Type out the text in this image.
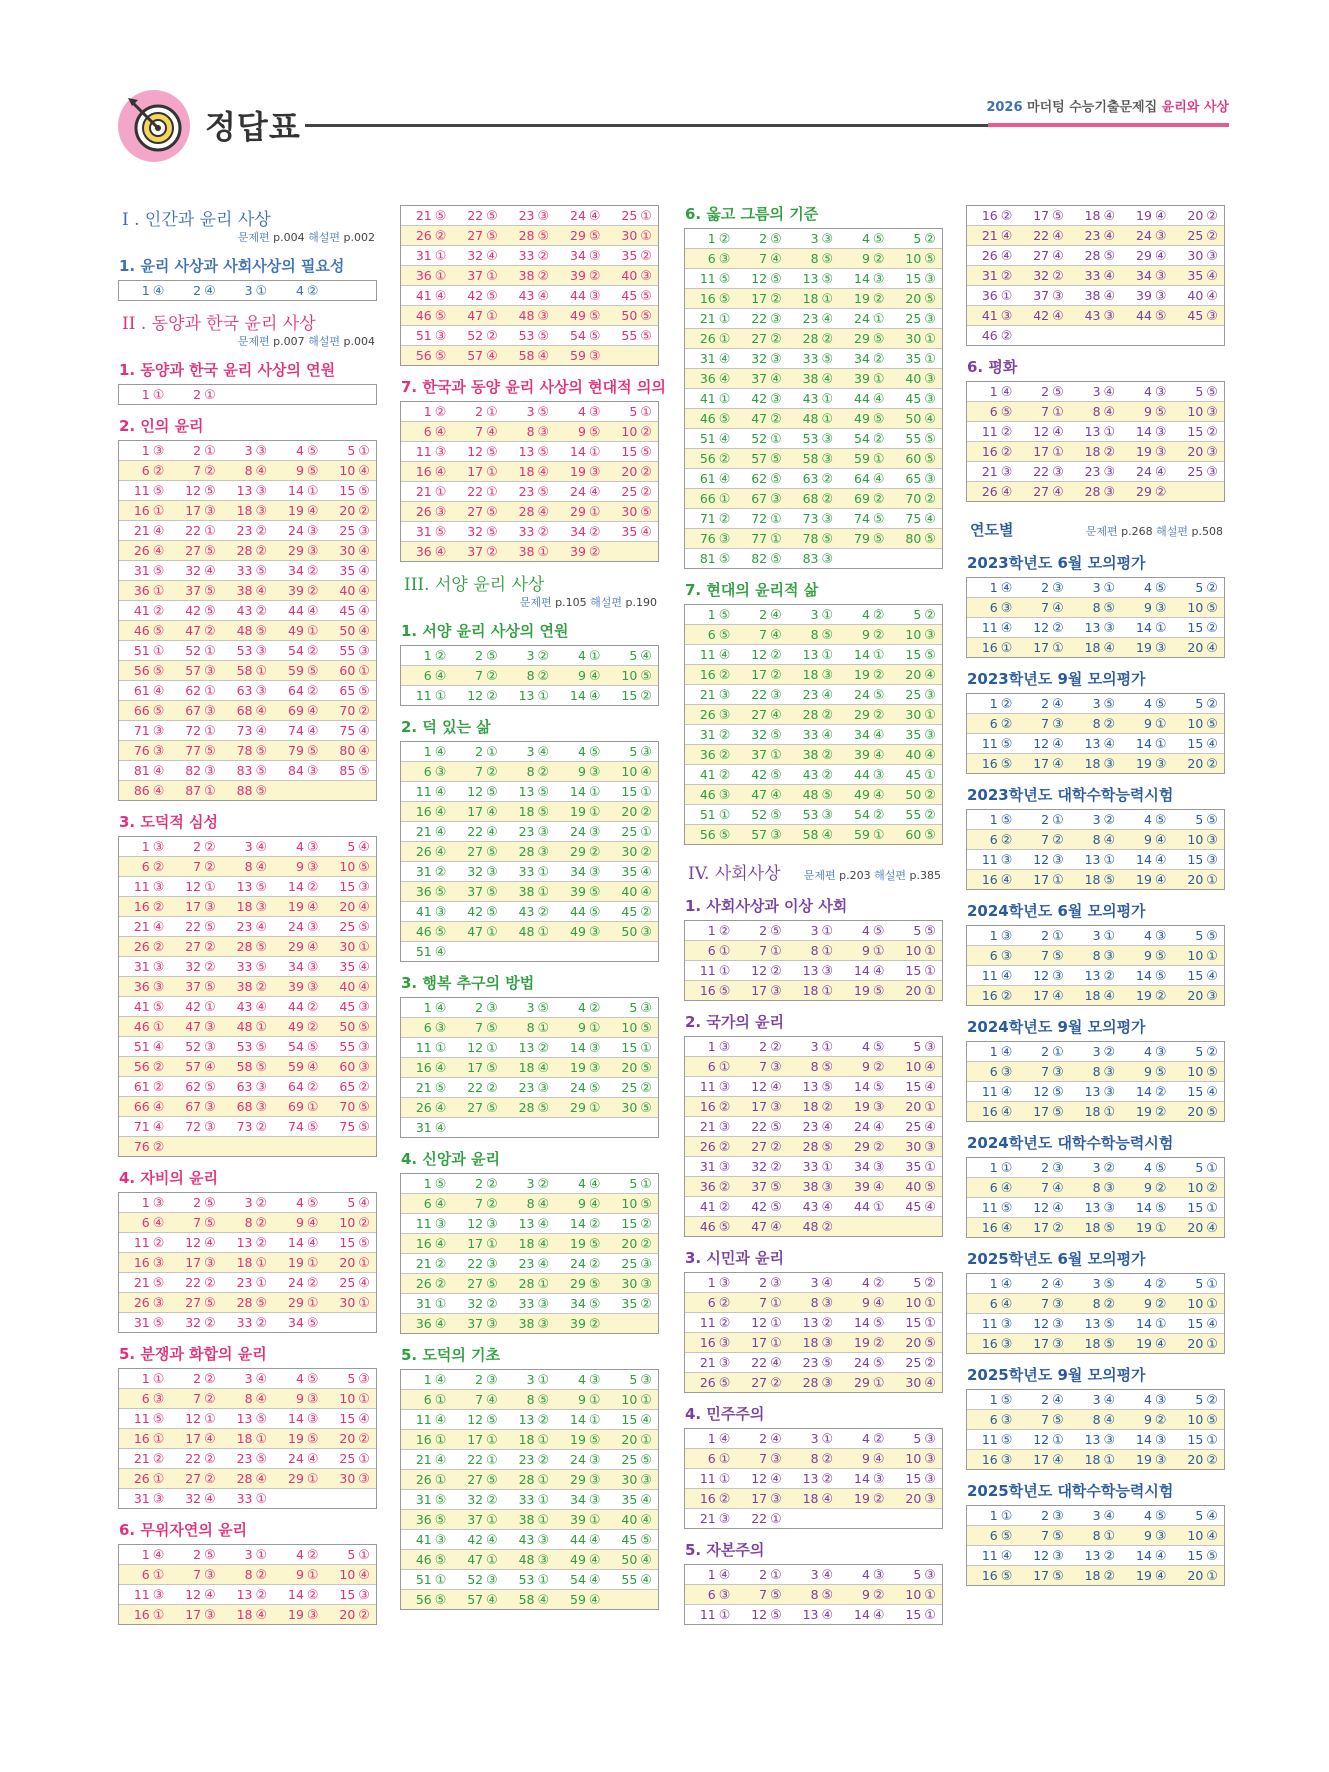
정답표
2026 마더텅 수능기출문제집 윤리와 사상
I . 인간과 윤리 사상
문제편 p.004 해설편 p.002
1. 윤리 사상과 사회사상의 필요성
1 ④	2 ④	3 ①	4 ②
II . 동양과 한국 윤리 사상
문제편 p.007 해설편 p.004
1. 동양과 한국 윤리 사상의 연원
1 ①	2 ①
2. 인의 윤리
1 ③	2 ①	3 ③	4 ⑤	5 ①
6 ②	7 ②	8 ④	9 ⑤	10 ④
11 ⑤	12 ⑤	13 ③	14 ①	15 ⑤
16 ①	17 ③	18 ③	19 ④	20 ②
21 ④	22 ①	23 ②	24 ③	25 ③
26 ④	27 ⑤	28 ②	29 ③	30 ④
31 ⑤	32 ④	33 ⑤	34 ②	35 ④
36 ①	37 ⑤	38 ④	39 ②	40 ④
41 ②	42 ⑤	43 ②	44 ④	45 ④
46 ⑤	47 ②	48 ⑤	49 ①	50 ④
51 ①	52 ①	53 ③	54 ②	55 ③
56 ⑤	57 ③	58 ①	59 ⑤	60 ①
61 ④	62 ①	63 ③	64 ②	65 ⑤
66 ⑤	67 ③	68 ④	69 ④	70 ②
71 ③	72 ①	73 ④	74 ④	75 ④
76 ③	77 ⑤	78 ⑤	79 ⑤	80 ④
81 ④	82 ③	83 ⑤	84 ③	85 ⑤
86 ④	87 ①	88 ⑤
3. 도덕적 심성
1 ③	2 ②	3 ④	4 ③	5 ④
6 ②	7 ②	8 ④	9 ③	10 ⑤
11 ③	12 ①	13 ⑤	14 ②	15 ③
16 ②	17 ③	18 ③	19 ④	20 ④
21 ④	22 ⑤	23 ④	24 ③	25 ⑤
26 ②	27 ②	28 ⑤	29 ④	30 ①
31 ③	32 ②	33 ⑤	34 ③	35 ④
36 ③	37 ⑤	38 ②	39 ③	40 ④
41 ⑤	42 ①	43 ④	44 ②	45 ③
46 ①	47 ③	48 ①	49 ②	50 ⑤
51 ④	52 ③	53 ⑤	54 ⑤	55 ③
56 ②	57 ④	58 ⑤	59 ④	60 ③
61 ②	62 ⑤	63 ③	64 ②	65 ②
66 ④	67 ③	68 ③	69 ①	70 ⑤
71 ④	72 ③	73 ②	74 ⑤	75 ⑤
76 ②
4. 자비의 윤리
1 ③	2 ⑤	3 ②	4 ⑤	5 ④
6 ④	7 ⑤	8 ②	9 ④	10 ②
11 ②	12 ④	13 ②	14 ④	15 ⑤
16 ③	17 ③	18 ①	19 ①	20 ①
21 ⑤	22 ②	23 ①	24 ②	25 ④
26 ③	27 ⑤	28 ⑤	29 ①	30 ①
31 ⑤	32 ②	33 ②	34 ⑤
5. 분쟁과 화합의 윤리
1 ①	2 ②	3 ④	4 ⑤	5 ③
6 ③	7 ②	8 ④	9 ③	10 ①
11 ⑤	12 ①	13 ⑤	14 ③	15 ④
16 ①	17 ④	18 ①	19 ⑤	20 ②
21 ②	22 ②	23 ⑤	24 ④	25 ①
26 ①	27 ②	28 ④	29 ①	30 ③
31 ③	32 ④	33 ①
6. 무위자연의 윤리
1 ④	2 ⑤	3 ①	4 ②	5 ①
6 ①	7 ③	8 ②	9 ①	10 ④
11 ③	12 ④	13 ②	14 ②	15 ③
16 ①	17 ③	18 ④	19 ③	20 ②
21 ⑤	22 ⑤	23 ③	24 ④	25 ①
26 ②	27 ⑤	28 ⑤	29 ⑤	30 ①
31 ①	32 ④	33 ②	34 ③	35 ②
36 ①	37 ①	38 ②	39 ②	40 ③
41 ④	42 ⑤	43 ④	44 ③	45 ⑤
46 ⑤	47 ①	48 ③	49 ⑤	50 ⑤
51 ③	52 ②	53 ⑤	54 ⑤	55 ⑤
56 ⑤	57 ④	58 ④	59 ③
7. 한국과 동양 윤리 사상의 현대적 의의
1 ②	2 ①	3 ⑤	4 ③	5 ①
6 ④	7 ④	8 ③	9 ⑤	10 ②
11 ③	12 ⑤	13 ⑤	14 ①	15 ⑤
16 ④	17 ①	18 ④	19 ③	20 ②
21 ①	22 ①	23 ⑤	24 ④	25 ②
26 ③	27 ⑤	28 ④	29 ①	30 ⑤
31 ⑤	32 ⑤	33 ②	34 ②	35 ④
36 ④	37 ②	38 ①	39 ②
III. 서양 윤리 사상
문제편 p.105 해설편 p.190
1. 서양 윤리 사상의 연원
1 ②	2 ⑤	3 ②	4 ①	5 ④
6 ④	7 ②	8 ②	9 ④	10 ⑤
11 ①	12 ②	13 ①	14 ④	15 ②
2. 덕 있는 삶
1 ④	2 ①	3 ④	4 ⑤	5 ③
6 ③	7 ②	8 ②	9 ③	10 ④
11 ④	12 ⑤	13 ⑤	14 ①	15 ①
16 ④	17 ④	18 ⑤	19 ①	20 ②
21 ④	22 ④	23 ③	24 ③	25 ①
26 ④	27 ⑤	28 ③	29 ②	30 ②
31 ②	32 ③	33 ①	34 ③	35 ④
36 ⑤	37 ⑤	38 ①	39 ⑤	40 ④
41 ③	42 ⑤	43 ②	44 ⑤	45 ②
46 ⑤	47 ①	48 ①	49 ③	50 ③
51 ④
3. 행복 추구의 방법
1 ④	2 ③	3 ⑤	4 ②	5 ③
6 ③	7 ⑤	8 ①	9 ①	10 ⑤
11 ①	12 ①	13 ②	14 ③	15 ①
16 ④	17 ⑤	18 ④	19 ③	20 ⑤
21 ⑤	22 ②	23 ③	24 ⑤	25 ②
26 ④	27 ⑤	28 ⑤	29 ①	30 ⑤
31 ④
4. 신앙과 윤리
1 ⑤	2 ②	3 ②	4 ④	5 ①
6 ④	7 ②	8 ④	9 ④	10 ⑤
11 ③	12 ③	13 ④	14 ②	15 ②
16 ④	17 ①	18 ④	19 ⑤	20 ②
21 ②	22 ③	23 ④	24 ②	25 ③
26 ②	27 ⑤	28 ①	29 ⑤	30 ③
31 ①	32 ②	33 ③	34 ⑤	35 ②
36 ④	37 ③	38 ③	39 ②
5. 도덕의 기초
1 ④	2 ③	3 ①	4 ③	5 ③
6 ①	7 ④	8 ⑤	9 ①	10 ①
11 ④	12 ⑤	13 ②	14 ①	15 ④
16 ①	17 ①	18 ①	19 ⑤	20 ①
21 ④	22 ①	23 ②	24 ③	25 ⑤
26 ①	27 ⑤	28 ①	29 ③	30 ③
31 ⑤	32 ②	33 ①	34 ③	35 ④
36 ⑤	37 ①	38 ①	39 ①	40 ④
41 ③	42 ④	43 ③	44 ④	45 ⑤
46 ⑤	47 ①	48 ③	49 ④	50 ④
51 ①	52 ③	53 ①	54 ④	55 ④
56 ⑤	57 ④	58 ④	59 ④
6. 옳고 그름의 기준
1 ②	2 ⑤	3 ③	4 ⑤	5 ②
6 ③	7 ④	8 ⑤	9 ②	10 ⑤
11 ⑤	12 ⑤	13 ⑤	14 ③	15 ③
16 ⑤	17 ②	18 ①	19 ②	20 ⑤
21 ①	22 ③	23 ④	24 ①	25 ③
26 ①	27 ②	28 ②	29 ⑤	30 ①
31 ④	32 ③	33 ⑤	34 ②	35 ①
36 ④	37 ④	38 ④	39 ①	40 ③
41 ①	42 ③	43 ①	44 ④	45 ③
46 ⑤	47 ②	48 ①	49 ⑤	50 ④
51 ④	52 ①	53 ③	54 ②	55 ⑤
56 ②	57 ⑤	58 ③	59 ①	60 ⑤
61 ④	62 ⑤	63 ②	64 ④	65 ③
66 ①	67 ③	68 ②	69 ②	70 ②
71 ②	72 ①	73 ③	74 ⑤	75 ④
76 ③	77 ①	78 ⑤	79 ⑤	80 ⑤
81 ⑤	82 ⑤	83 ③
7. 현대의 윤리적 삶
1 ⑤	2 ④	3 ①	4 ②	5 ②
6 ⑤	7 ④	8 ⑤	9 ②	10 ③
11 ④	12 ②	13 ①	14 ①	15 ⑤
16 ②	17 ②	18 ③	19 ②	20 ④
21 ③	22 ③	23 ④	24 ⑤	25 ③
26 ③	27 ④	28 ②	29 ②	30 ①
31 ②	32 ⑤	33 ④	34 ④	35 ③
36 ②	37 ①	38 ②	39 ④	40 ④
41 ②	42 ⑤	43 ②	44 ③	45 ①
46 ③	47 ④	48 ⑤	49 ④	50 ②
51 ①	52 ⑤	53 ③	54 ②	55 ②
56 ⑤	57 ③	58 ④	59 ①	60 ⑤
IV. 사회사상 문제편 p.203 해설편 p.385
1. 사회사상과 이상 사회
1 ②	2 ⑤	3 ①	4 ⑤	5 ⑤
6 ①	7 ①	8 ①	9 ①	10 ①
11 ①	12 ②	13 ③	14 ④	15 ①
16 ⑤	17 ③	18 ①	19 ⑤	20 ①
2. 국가의 윤리
1 ③	2 ②	3 ①	4 ⑤	5 ③
6 ①	7 ③	8 ⑤	9 ②	10 ④
11 ③	12 ④	13 ⑤	14 ⑤	15 ④
16 ②	17 ③	18 ②	19 ③	20 ①
21 ③	22 ⑤	23 ④	24 ④	25 ④
26 ②	27 ②	28 ⑤	29 ②	30 ③
31 ③	32 ②	33 ①	34 ③	35 ①
36 ②	37 ⑤	38 ③	39 ④	40 ⑤
41 ②	42 ⑤	43 ④	44 ①	45 ④
46 ⑤	47 ④	48 ②
3. 시민과 윤리
1 ③	2 ③	3 ④	4 ②	5 ②
6 ②	7 ①	8 ③	9 ④	10 ①
11 ②	12 ①	13 ②	14 ⑤	15 ①
16 ③	17 ①	18 ③	19 ②	20 ⑤
21 ③	22 ④	23 ⑤	24 ⑤	25 ②
26 ⑤	27 ②	28 ③	29 ①	30 ④
4. 민주주의
1 ④	2 ④	3 ①	4 ②	5 ③
6 ①	7 ③	8 ②	9 ④	10 ③
11 ①	12 ④	13 ②	14 ③	15 ③
16 ②	17 ③	18 ④	19 ②	20 ③
21 ③	22 ①
5. 자본주의
1 ④	2 ①	3 ④	4 ③	5 ③
6 ③	7 ⑤	8 ⑤	9 ②	10 ①
11 ①	12 ⑤	13 ④	14 ④	15 ①
16 ②	17 ⑤	18 ④	19 ④	20 ②
21 ④	22 ④	23 ④	24 ③	25 ②
26 ④	27 ④	28 ⑤	29 ④	30 ③
31 ②	32 ②	33 ④	34 ③	35 ④
36 ①	37 ③	38 ④	39 ③	40 ④
41 ③	42 ④	43 ③	44 ⑤	45 ③
46 ②
6. 평화
1 ④	2 ⑤	3 ④	4 ③	5 ⑤
6 ⑤	7 ①	8 ④	9 ⑤	10 ③
11 ②	12 ④	13 ①	14 ③	15 ②
16 ②	17 ①	18 ②	19 ③	20 ③
21 ③	22 ③	23 ③	24 ④	25 ③
26 ④	27 ④	28 ③	29 ②
연도별	문제편 p.268 해설편 p.508
2023학년도 6월 모의평가
1 ④	2 ③	3 ①	4 ⑤	5 ②
6 ③	7 ④	8 ⑤	9 ③	10 ⑤
11 ④	12 ②	13 ③	14 ①	15 ②
16 ①	17 ①	18 ④	19 ③	20 ④
2023학년도 9월 모의평가
1 ②	2 ④	3 ⑤	4 ⑤	5 ②
6 ②	7 ③	8 ②	9 ①	10 ⑤
11 ⑤	12 ④	13 ④	14 ①	15 ④
16 ⑤	17 ④	18 ③	19 ③	20 ②
2023학년도 대학수학능력시험
1 ⑤	2 ①	3 ②	4 ⑤	5 ⑤
6 ②	7 ②	8 ④	9 ④	10 ③
11 ③	12 ③	13 ①	14 ④	15 ③
16 ④	17 ①	18 ⑤	19 ④	20 ①
2024학년도 6월 모의평가
1 ③	2 ①	3 ①	4 ③	5 ⑤
6 ③	7 ⑤	8 ③	9 ⑤	10 ①
11 ④	12 ③	13 ②	14 ⑤	15 ④
16 ②	17 ④	18 ④	19 ②	20 ③
2024학년도 9월 모의평가
1 ④	2 ①	3 ②	4 ③	5 ②
6 ③	7 ③	8 ③	9 ⑤	10 ⑤
11 ④	12 ⑤	13 ③	14 ②	15 ④
16 ④	17 ⑤	18 ①	19 ②	20 ⑤
2024학년도 대학수학능력시험
1 ①	2 ③	3 ②	4 ⑤	5 ①
6 ④	7 ④	8 ③	9 ②	10 ②
11 ⑤	12 ④	13 ③	14 ⑤	15 ①
16 ④	17 ②	18 ⑤	19 ①	20 ④
2025학년도 6월 모의평가
1 ④	2 ④	3 ⑤	4 ②	5 ①
6 ④	7 ③	8 ②	9 ②	10 ①
11 ③	12 ③	13 ⑤	14 ①	15 ④
16 ③	17 ③	18 ⑤	19 ④	20 ①
2025학년도 9월 모의평가
1 ⑤	2 ④	3 ④	4 ③	5 ②
6 ③	7 ⑤	8 ④	9 ②	10 ⑤
11 ⑤	12 ①	13 ③	14 ③	15 ①
16 ③	17 ④	18 ①	19 ③	20 ②
2025학년도 대학수학능력시험
1 ①	2 ③	3 ④	4 ⑤	5 ④
6 ⑤	7 ⑤	8 ①	9 ③	10 ④
11 ④	12 ③	13 ②	14 ④	15 ⑤
16 ⑤	17 ⑤	18 ②	19 ④	20 ①
